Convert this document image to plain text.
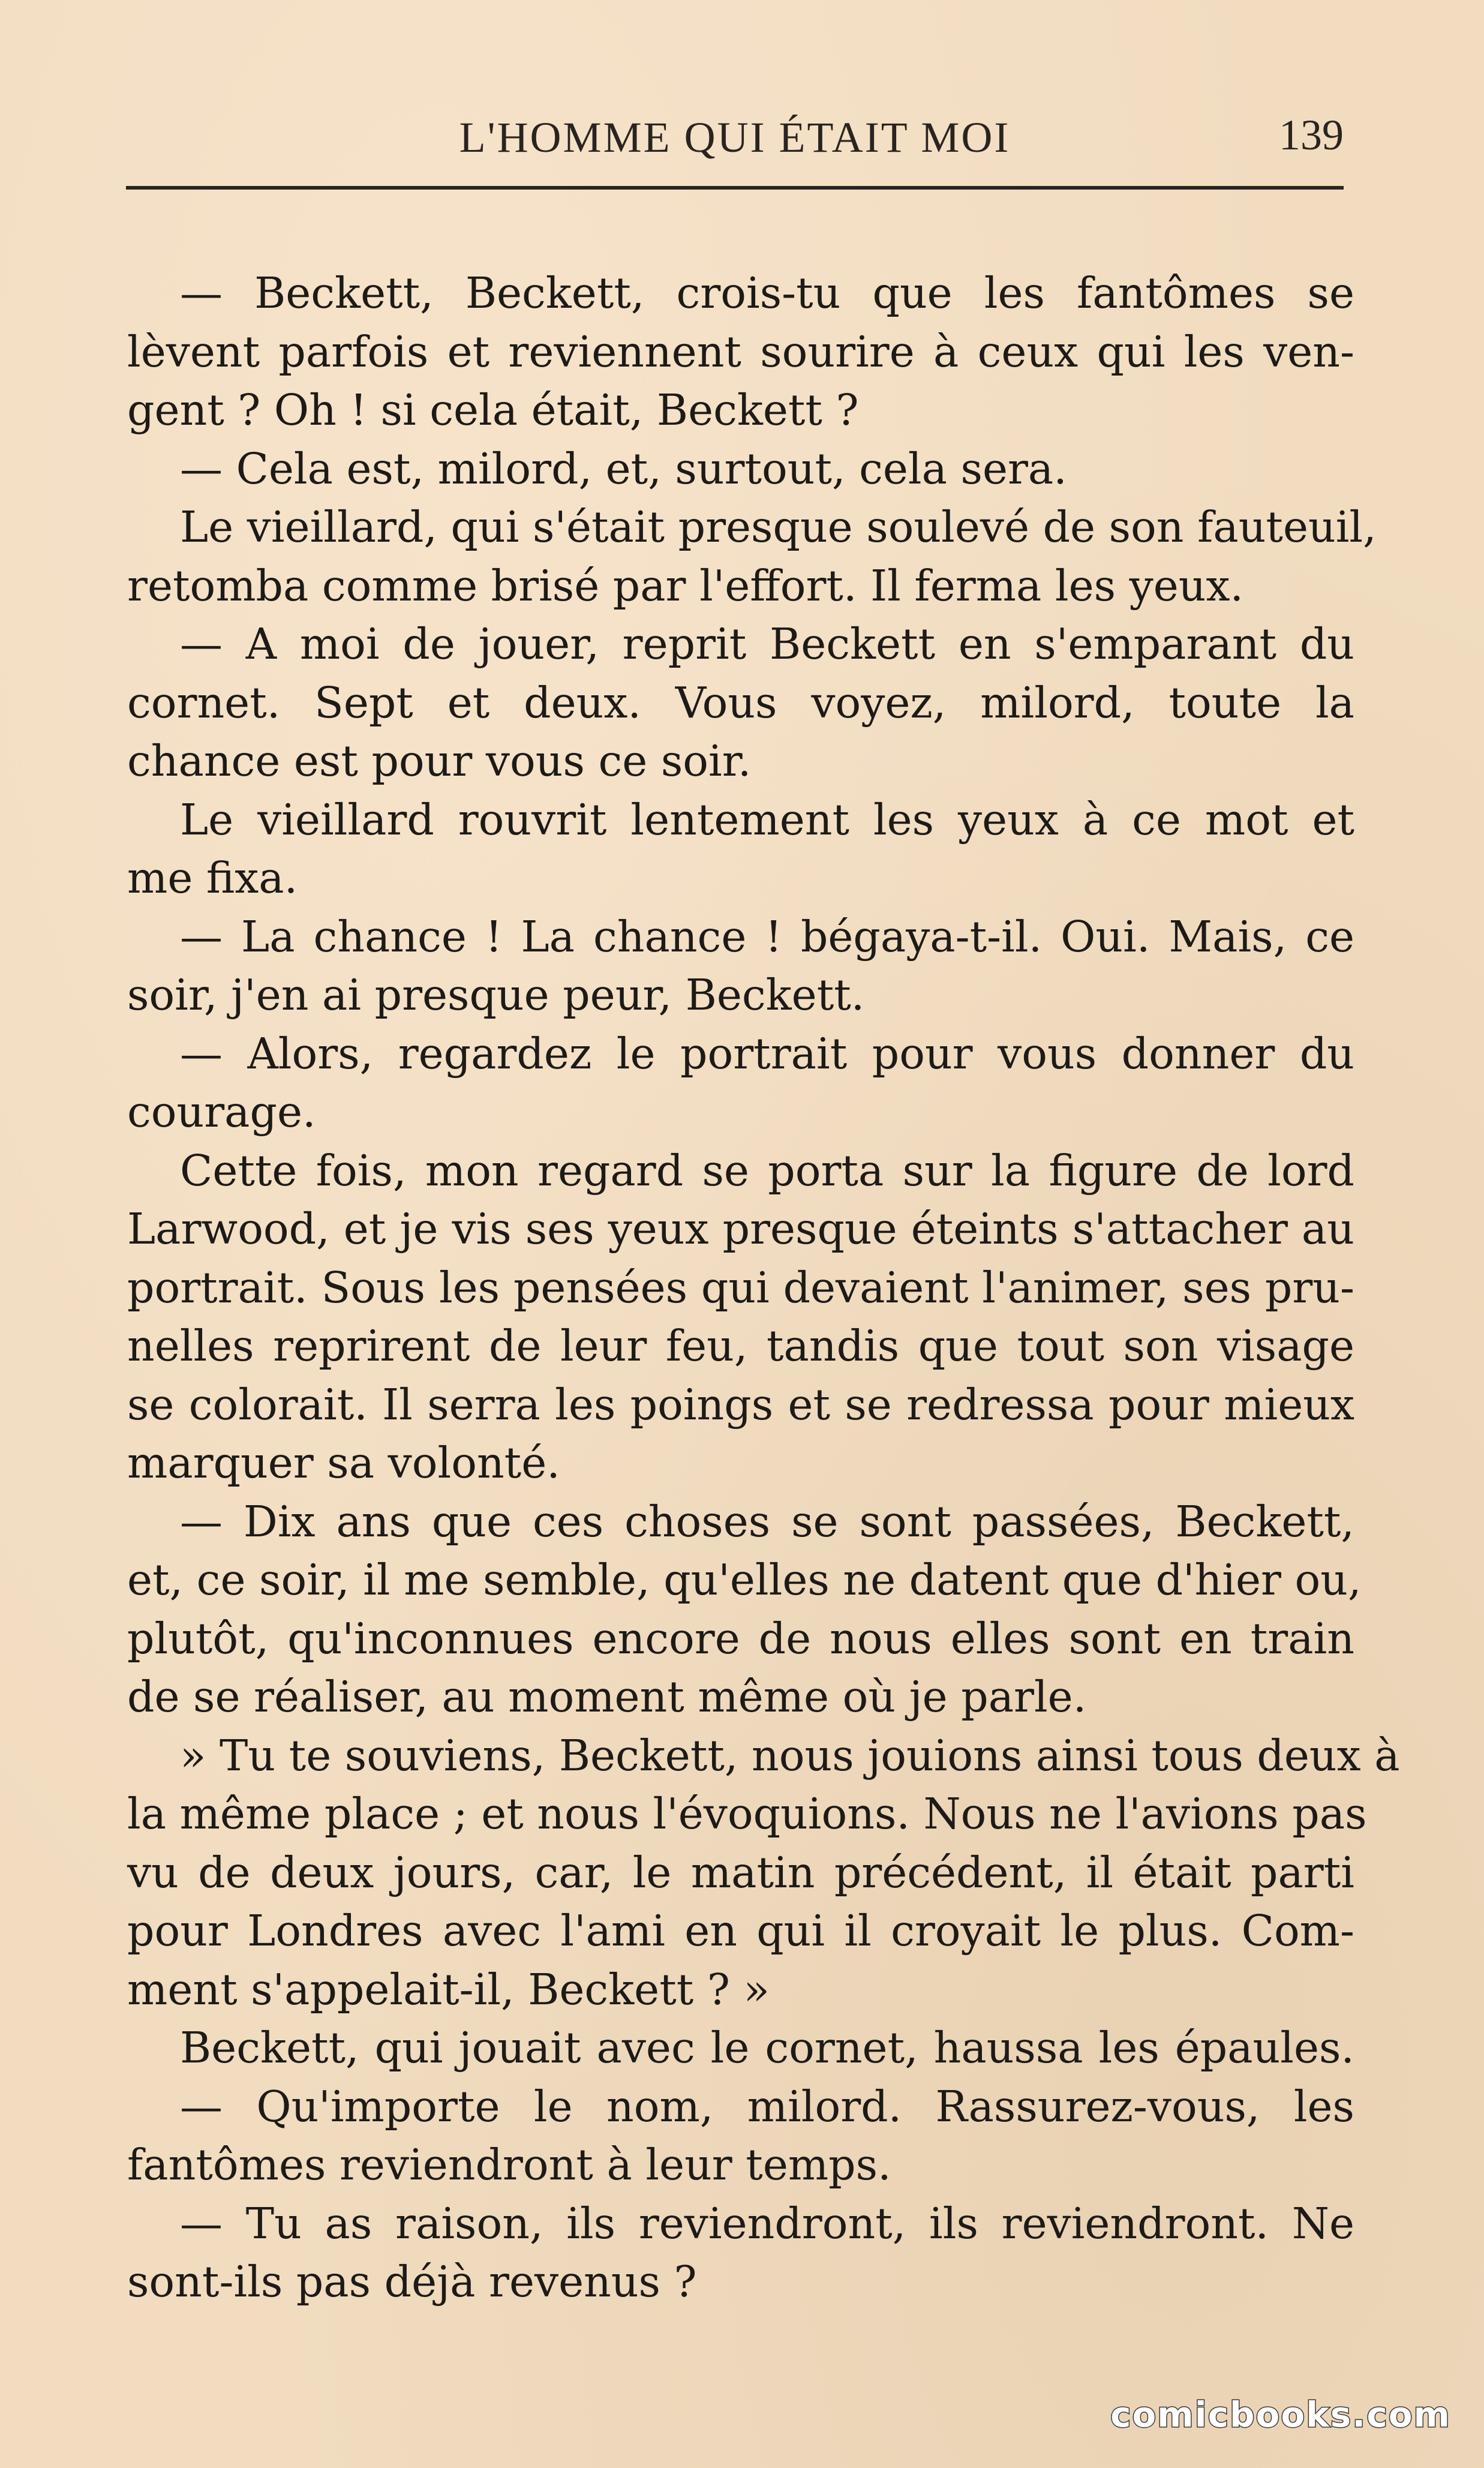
L'HOMME QUI ÉTAIT MOI	139
— Beckett, Beckett, crois-tu que les fantômes se
lèvent parfois et reviennent sourire à ceux qui les ven-
gent ? Oh ! si cela était, Beckett ?
— Cela est, milord, et, surtout, cela sera.
Le vieillard, qui s'était presque soulevé de son fauteuil,
retomba comme brisé par l'effort. Il ferma les yeux.
— A moi de jouer, reprit Beckett en s'emparant du
cornet. Sept et deux. Vous voyez, milord, toute la
chance est pour vous ce soir.
Le vieillard rouvrit lentement les yeux à ce mot et
me fixa.
— La chance ! La chance ! bégaya-t-il. Oui. Mais, ce
soir, j'en ai presque peur, Beckett.
— Alors, regardez le portrait pour vous donner du
courage.
Cette fois, mon regard se porta sur la figure de lord
Larwood, et je vis ses yeux presque éteints s'attacher au
portrait. Sous les pensées qui devaient l'animer, ses pru-
nelles reprirent de leur feu, tandis que tout son visage
se colorait. Il serra les poings et se redressa pour mieux
marquer sa volonté.
— Dix ans que ces choses se sont passées, Beckett,
et, ce soir, il me semble, qu'elles ne datent que d'hier ou,
plutôt, qu'inconnues encore de nous elles sont en train
de se réaliser, au moment même où je parle.
» Tu te souviens, Beckett, nous jouions ainsi tous deux à
la même place ; et nous l'évoquions. Nous ne l'avions pas
vu de deux jours, car, le matin précédent, il était parti
pour Londres avec l'ami en qui il croyait le plus. Com-
ment s'appelait-il, Beckett ? »
Beckett, qui jouait avec le cornet, haussa les épaules.
— Qu'importe le nom, milord. Rassurez-vous, les
fantômes reviendront à leur temps.
— Tu as raison, ils reviendront, ils reviendront. Ne
sont-ils pas déjà revenus ?
comicbooks.com
